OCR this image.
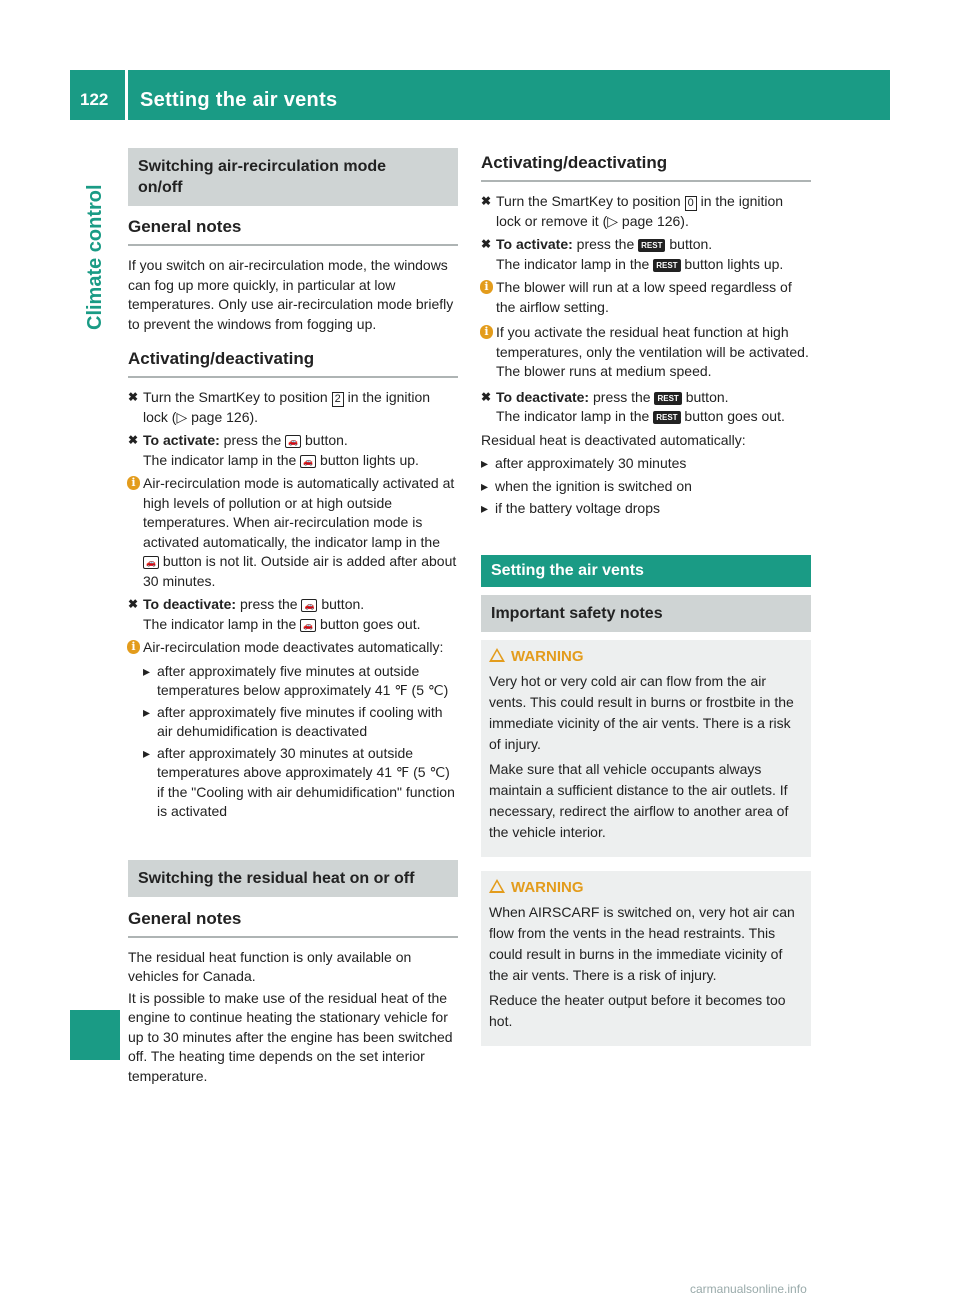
122 Setting the air vents
Climate control
Switching air-recirculation mode on/off
General notes

If you switch on air-recirculation mode, the windows can fog up more quickly, in particular at low temperatures. Only use air-recirculation mode briefly to prevent the windows from fogging up.

Activating/deactivating
✖ Turn the SmartKey to position 2 in the ignition lock (▷ page 126).
✖ To activate: press the 🚗 button.
The indicator lamp in the 🚗 button lights up.
i Air-recirculation mode is automatically activated at high levels of pollution or at high outside temperatures. When air-recirculation mode is activated automatically, the indicator lamp in the 🚗 button is not lit. Outside air is added after about 30 minutes.
✖ To deactivate: press the 🚗 button.
The indicator lamp in the 🚗 button goes out.
i Air-recirculation mode deactivates automatically:
▸ after approximately five minutes at outside temperatures below approximately 41 ℉ (5 ℃)
▸ after approximately five minutes if cooling with air dehumidification is deactivated
▸ after approximately 30 minutes at outside temperatures above approximately 41 ℉ (5 ℃) if the "Cooling with air dehumidification" function is activated
Switching the residual heat on or off
General notes

The residual heat function is only available on vehicles for Canada.

It is possible to make use of the residual heat of the engine to continue heating the stationary vehicle for up to 30 minutes after the engine has been switched off. The heating time depends on the set interior temperature.

Activating/deactivating
✖ Turn the SmartKey to position 0 in the ignition lock or remove it (▷ page 126).
✖ To activate: press the REST button.
The indicator lamp in the REST button lights up.
i The blower will run at a low speed regardless of the airflow setting.
i If you activate the residual heat function at high temperatures, only the ventilation will be activated. The blower runs at medium speed.
✖ To deactivate: press the REST button.
The indicator lamp in the REST button goes out.

Residual heat is deactivated automatically:

▸ after approximately 30 minutes
▸ when the ignition is switched on
▸ if the battery voltage drops
Setting the air vents
Important safety notes
WARNING

Very hot or very cold air can flow from the air vents. This could result in burns or frostbite in the immediate vicinity of the air vents. There is a risk of injury.

Make sure that all vehicle occupants always maintain a sufficient distance to the air outlets. If necessary, redirect the airflow to another area of the vehicle interior.

WARNING

When AIRSCARF is switched on, very hot air can flow from the vents in the head restraints. This could result in burns in the immediate vicinity of the air vents. There is a risk of injury.

Reduce the heater output before it becomes too hot.

carmanualsonline.info
